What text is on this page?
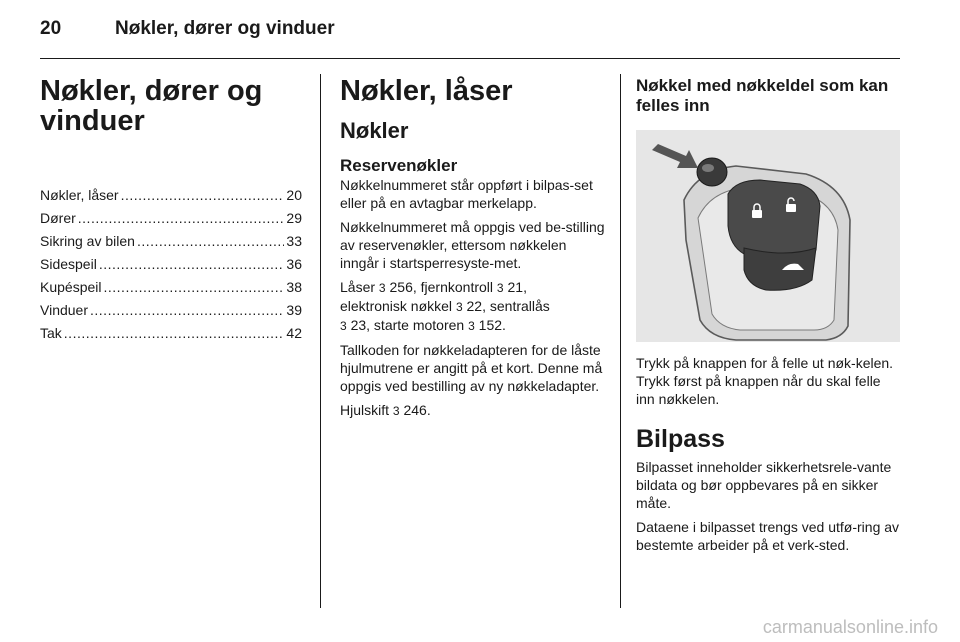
20	Nøkler, dører og vinduer
Nøkler, dører og
vinduer
Nøkler, låser .....	20
Dører .....	29
Sikring av bilen .....	33
Sidespeil .....	36
Kupéspeil .....	38
Vinduer .....	39
Tak .....	42
Nøkler, låser
Nøkler
Reservenøkler

Nøkkelnummeret står oppført i bilpas-set eller på en avtagbar merkelapp.

Nøkkelnummeret må oppgis ved be-stilling av reservenøkler, ettersom nøkkelen inngår i startsperresyste-met.

Låser 3 256, fjernkontroll 3 21,
elektronisk nøkkel 3 22, sentrallås
3 23, starte motoren 3 152.

Tallkoden for nøkkeladapteren for de låste hjulmutrene er angitt på et kort. Denne må oppgis ved bestilling av ny nøkkeladapter.

Hjulskift 3 246.

Nøkkel med nøkkeldel som kan felles inn

Trykk på knappen for å felle ut nøk-kelen. Trykk først på knappen når du skal felle inn nøkkelen.

Bilpass

Bilpasset inneholder sikkerhetsrele-vante bildata og bør oppbevares på en sikker måte.

Dataene i bilpasset trengs ved utfø-ring av bestemte arbeider på et verk-sted.

carmanualsonline.info
